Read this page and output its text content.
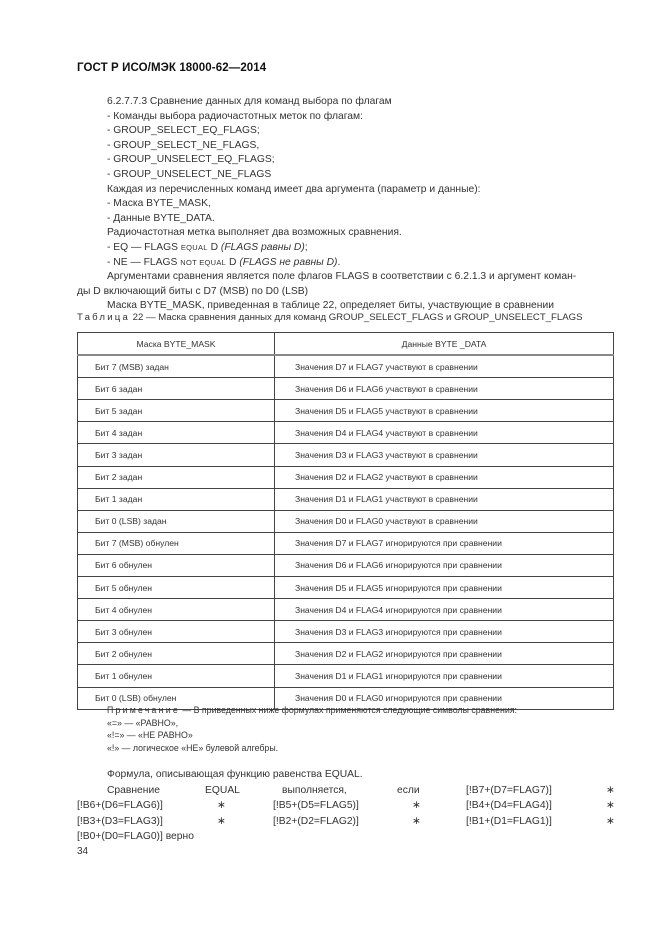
ГОСТ Р ИСО/МЭК 18000-62—2014

6.2.7.7.3 Сравнение данных для команд выбора по флагам

- Команды выбора радиочастотных меток по флагам:

- GROUP_SELECT_EQ_FLAGS;

- GROUP_SELECT_NE_FLAGS,

- GROUP_UNSELECT_EQ_FLAGS;

- GROUP_UNSELECT_NE_FLAGS

Каждая из перечисленных команд имеет два аргумента (параметр и данные):

- Маска BYTE_MASK,

- Данные BYTE_DATA.

Радиочастотная метка выполняет два возможных сравнения.

- EQ — FLAGS EQUAL D (FLAGS равны D);

- NE — FLAGS NOT EQUAL D (FLAGS не равны D).

Аргументами сравнения является поле флагов FLAGS в соответствии с 6.2.1.3 и аргумент коман-

ды D включающий биты с D7 (MSB) по D0 (LSB)

Маска BYTE_MASK, приведенная в таблице 22, определяет биты, участвующие в сравнении

Таблица 22 — Маска сравнения данных для команд GROUP_SELECT_FLAGS и GROUP_UNSELECT_FLAGS
Маска BYTE_MASK	Данные BYTE _DATA
Бит 7 (MSB) задан	Значения D7 и FLAG7 участвуют в сравнении
Бит 6 задан	Значения D6 и FLAG6 участвуют в сравнении
Бит 5 задан	Значения D5 и FLAG5 участвуют в сравнении
Бит 4 задан	Значения D4 и FLAG4 участвуют в сравнении
Бит 3 задан	Значения D3 и FLAG3 участвуют в сравнении
Бит 2 задан	Значения D2 и FLAG2 участвуют в сравнении
Бит 1 задан	Значения D1 и FLAG1 участвуют в сравнении
Бит 0 (LSB) задан	Значения D0 и FLAG0 участвуют в сравнении
Бит 7 (MSB) обнулен	Значения D7 и FLAG7 игнорируются при сравнении
Бит 6 обнулен	Значения D6 и FLAG6 игнорируются при сравнении
Бит 5 обнулен	Значения D5 и FLAG5 игнорируются при сравнении
Бит 4 обнулен	Значения D4 и FLAG4 игнорируются при сравнении
Бит 3 обнулен	Значения D3 и FLAG3 игнорируются при сравнении
Бит 2 обнулен	Значения D2 и FLAG2 игнорируются при сравнении
Бит 1 обнулен	Значения D1 и FLAG1 игнорируются при сравнении
Бит 0 (LSB) обнулен	Значения D0 и FLAG0 игнорируются при сравнении

Примечание — В приведенных ниже формулах применяются следующие символы сравнения:

«=» — «РАВНО»,

«!=» — «НЕ РАВНО»

«!» — логическое «НЕ» булевой алгебры.

Формула, описывающая функцию равенства EQUAL.

Сравнение	EQUAL	выполняется,	если	[!B7+(D7=FLAG7)]	∗
[!B6+(D6=FLAG6)]	∗	[!B5+(D5=FLAG5)]	∗	[!B4+(D4=FLAG4)]	∗
[!B3+(D3=FLAG3)]	∗	[!B2+(D2=FLAG2)]	∗	[!B1+(D1=FLAG1)]	∗

[!B0+(D0=FLAG0)] верно

34
